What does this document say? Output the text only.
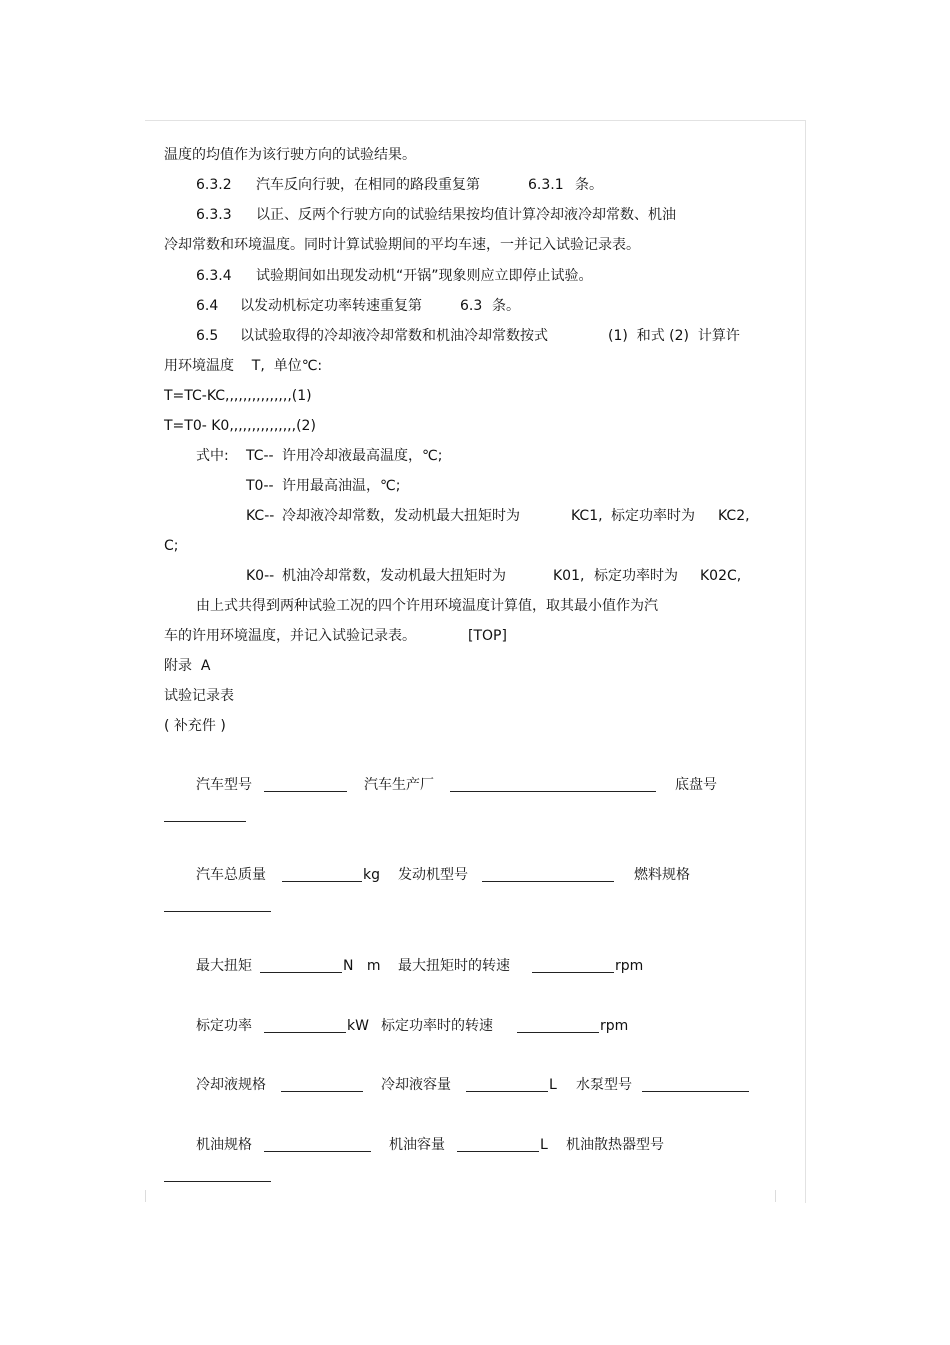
温度的均值作为该行驶方向的试验结果。
6.3.2 汽车反向行驶，在相同的路段重复第	6.3.1 条。
6.3.3 以正、反两个行驶方向的试验结果按均值计算冷却液冷却常数、机油
冷却常数和环境温度。同时计算试验期间的平均车速，一并记入试验记录表。
6.3.4 试验期间如出现发动机“开锅”现象则应立即停止试验。
6.4 以发动机标定功率转速重复第	6.3 条。
6.5 以试验取得的冷却液冷却常数和机油冷却常数按式	(1)  和式 (2)  计算许
用环境温度    T,  单位℃:
T=TC-KC,,,,,,,,,,,,,,,(1)
T=T0- K0,,,,,,,,,,,,,,,(2)
式中: TC-- 许用冷却液最高温度，℃;
T0-- 许用最高油温，℃;
KC-- 冷却液冷却常数，发动机最大扭矩时为	KC1, 标定功率时为 KC2,
C;
K0-- 机油冷却常数，发动机最大扭矩时为	K01, 标定功率时为 K02C,
由上式共得到两种试验工况的四个许用环境温度计算值，取其最小值作为汽
车的许用环境温度，并记入试验记录表。	[TOP]
附录  A
试验记录表
( 补充件 )
汽车型号	汽车生产厂	底盘号
汽车总质量	kg 发动机型号	燃料规格
最大扭矩	N   m 最大扭矩时的转速	rpm
标定功率	kW 标定功率时的转速	rpm
冷却液规格	冷却液容量	L 水泵型号
机油规格	机油容量	L 机油散热器型号
